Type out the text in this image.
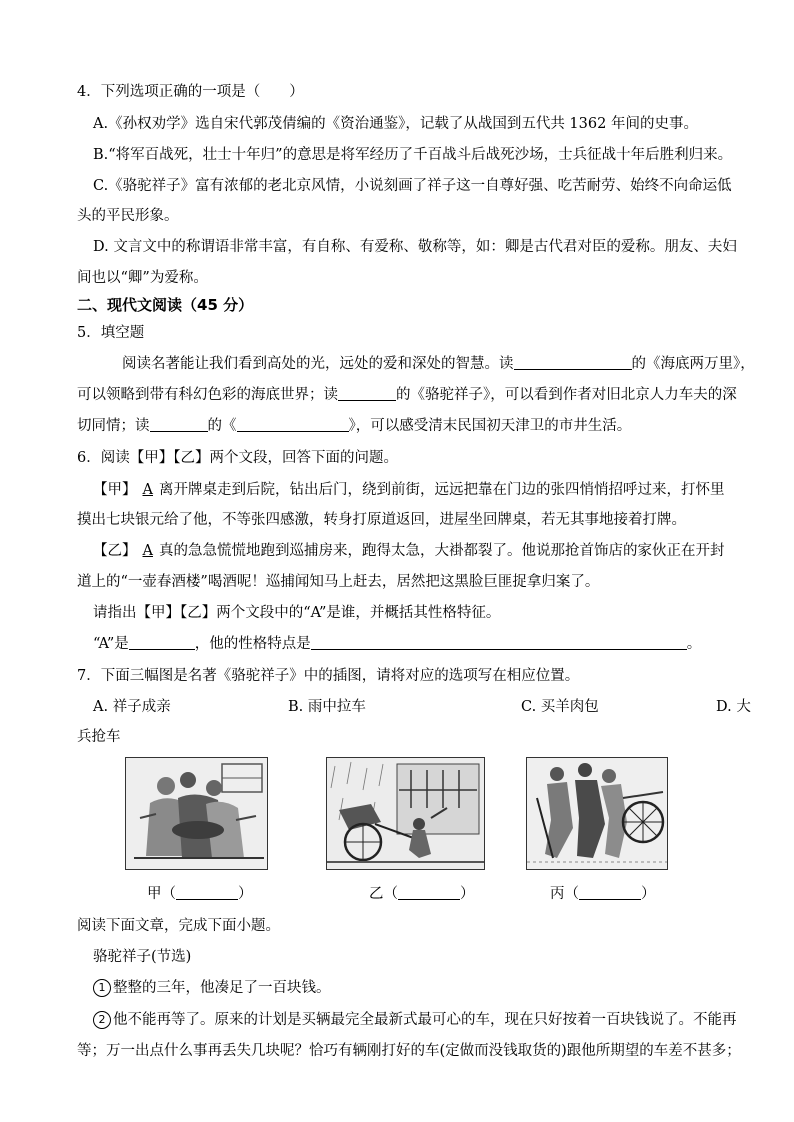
4．下列选项正确的一项是（　　）
A.《孙权劝学》选自宋代郭茂倩编的《资治通鉴》，记载了从战国到五代共 1362 年间的史事。
B.“将军百战死，壮士十年归”的意思是将军经历了千百战斗后战死沙场，士兵征战十年后胜利归来。
C.《骆驼祥子》富有浓郁的老北京风情，小说刻画了祥子这一自尊好强、吃苦耐劳、始终不向命运低
头的平民形象。
D. 文言文中的称谓语非常丰富，有自称、有爱称、敬称等，如：卿是古代君对臣的爱称。朋友、夫妇
间也以“卿”为爱称。
二、现代文阅读（45 分）
5．填空题
阅读名著能让我们看到高处的光，远处的爱和深处的智慧。读	的《海底两万里》，
可以领略到带有科幻色彩的海底世界；读	的《骆驼祥子》，可以看到作者对旧北京人力车夫的深
切同情；读	的《	》，可以感受清末民国初天津卫的市井生活。
6．阅读【甲】【乙】两个文段，回答下面的问题。
【甲】 A 离开牌桌走到后院，钻出后门，绕到前街，远远把靠在门边的张四悄悄招呼过来，打怀里
摸出七块银元给了他，不等张四感激，转身打原道返回，进屋坐回牌桌，若无其事地接着打牌。
【乙】 A 真的急急慌慌地跑到巡捕房来，跑得太急，大褂都裂了。他说那抢首饰店的家伙正在开封
道上的“一壶春酒楼”喝酒呢！巡捕闻知马上赶去，居然把这黑脸巨匪捉拿归案了。
请指出【甲】【乙】两个文段中的“A”是谁，并概括其性格特征。
“A”是	，他的性格特点是	。
7．下面三幅图是名著《骆驼祥子》中的插图，请将对应的选项写在相应位置。
A. 祥子成亲	B. 雨中拉车	C. 买羊肉包	D. 大
兵抢车
甲（	）	乙（	）	丙（	）
阅读下面文章，完成下面小题。
骆驼祥子(节选)
1 整整的三年，他凑足了一百块钱。
2 他不能再等了。原来的计划是买辆最完全最新式最可心的车，现在只好按着一百块钱说了。不能再
等；万一出点什么事再丢失几块呢？恰巧有辆刚打好的车(定做而没钱取货的)跟他所期望的车差不甚多；
